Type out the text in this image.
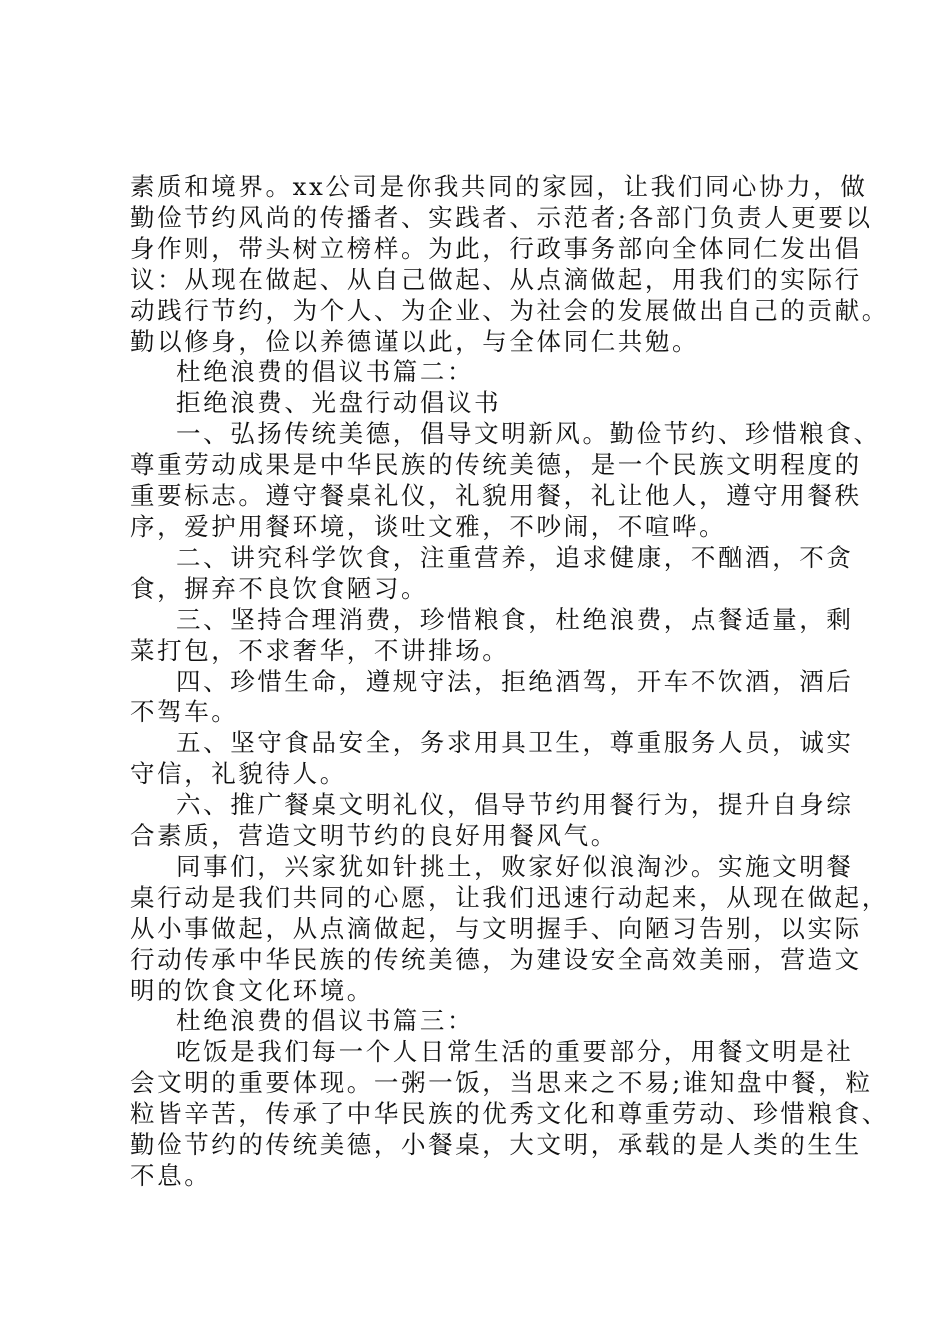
素质和境界。xx公司是你我共同的家园，让我们同心协力，做
勤俭节约风尚的传播者、实践者、示范者;各部门负责人更要以
身作则，带头树立榜样。为此，行政事务部向全体同仁发出倡
议：从现在做起、从自己做起、从点滴做起，用我们的实际行
动践行节约，为个人、为企业、为社会的发展做出自己的贡献。
勤以修身，俭以养德谨以此，与全体同仁共勉。
杜绝浪费的倡议书篇二：
拒绝浪费、光盘行动倡议书
一、弘扬传统美德，倡导文明新风。勤俭节约、珍惜粮食、
尊重劳动成果是中华民族的传统美德，是一个民族文明程度的
重要标志。遵守餐桌礼仪，礼貌用餐，礼让他人，遵守用餐秩
序，爱护用餐环境，谈吐文雅，不吵闹，不喧哗。
二、讲究科学饮食，注重营养，追求健康，不酗酒，不贪
食，摒弃不良饮食陋习。
三、坚持合理消费，珍惜粮食，杜绝浪费，点餐适量，剩
菜打包，不求奢华，不讲排场。
四、珍惜生命，遵规守法，拒绝酒驾，开车不饮酒，酒后
不驾车。
五、坚守食品安全，务求用具卫生，尊重服务人员，诚实
守信，礼貌待人。
六、推广餐桌文明礼仪，倡导节约用餐行为，提升自身综
合素质，营造文明节约的良好用餐风气。
同事们，兴家犹如针挑土，败家好似浪淘沙。实施文明餐
桌行动是我们共同的心愿，让我们迅速行动起来，从现在做起，
从小事做起，从点滴做起，与文明握手、向陋习告别，以实际
行动传承中华民族的传统美德，为建设安全高效美丽，营造文
明的饮食文化环境。
杜绝浪费的倡议书篇三：
吃饭是我们每一个人日常生活的重要部分，用餐文明是社
会文明的重要体现。一粥一饭，当思来之不易;谁知盘中餐，粒
粒皆辛苦，传承了中华民族的优秀文化和尊重劳动、珍惜粮食、
勤俭节约的传统美德，小餐桌，大文明，承载的是人类的生生
不息。
